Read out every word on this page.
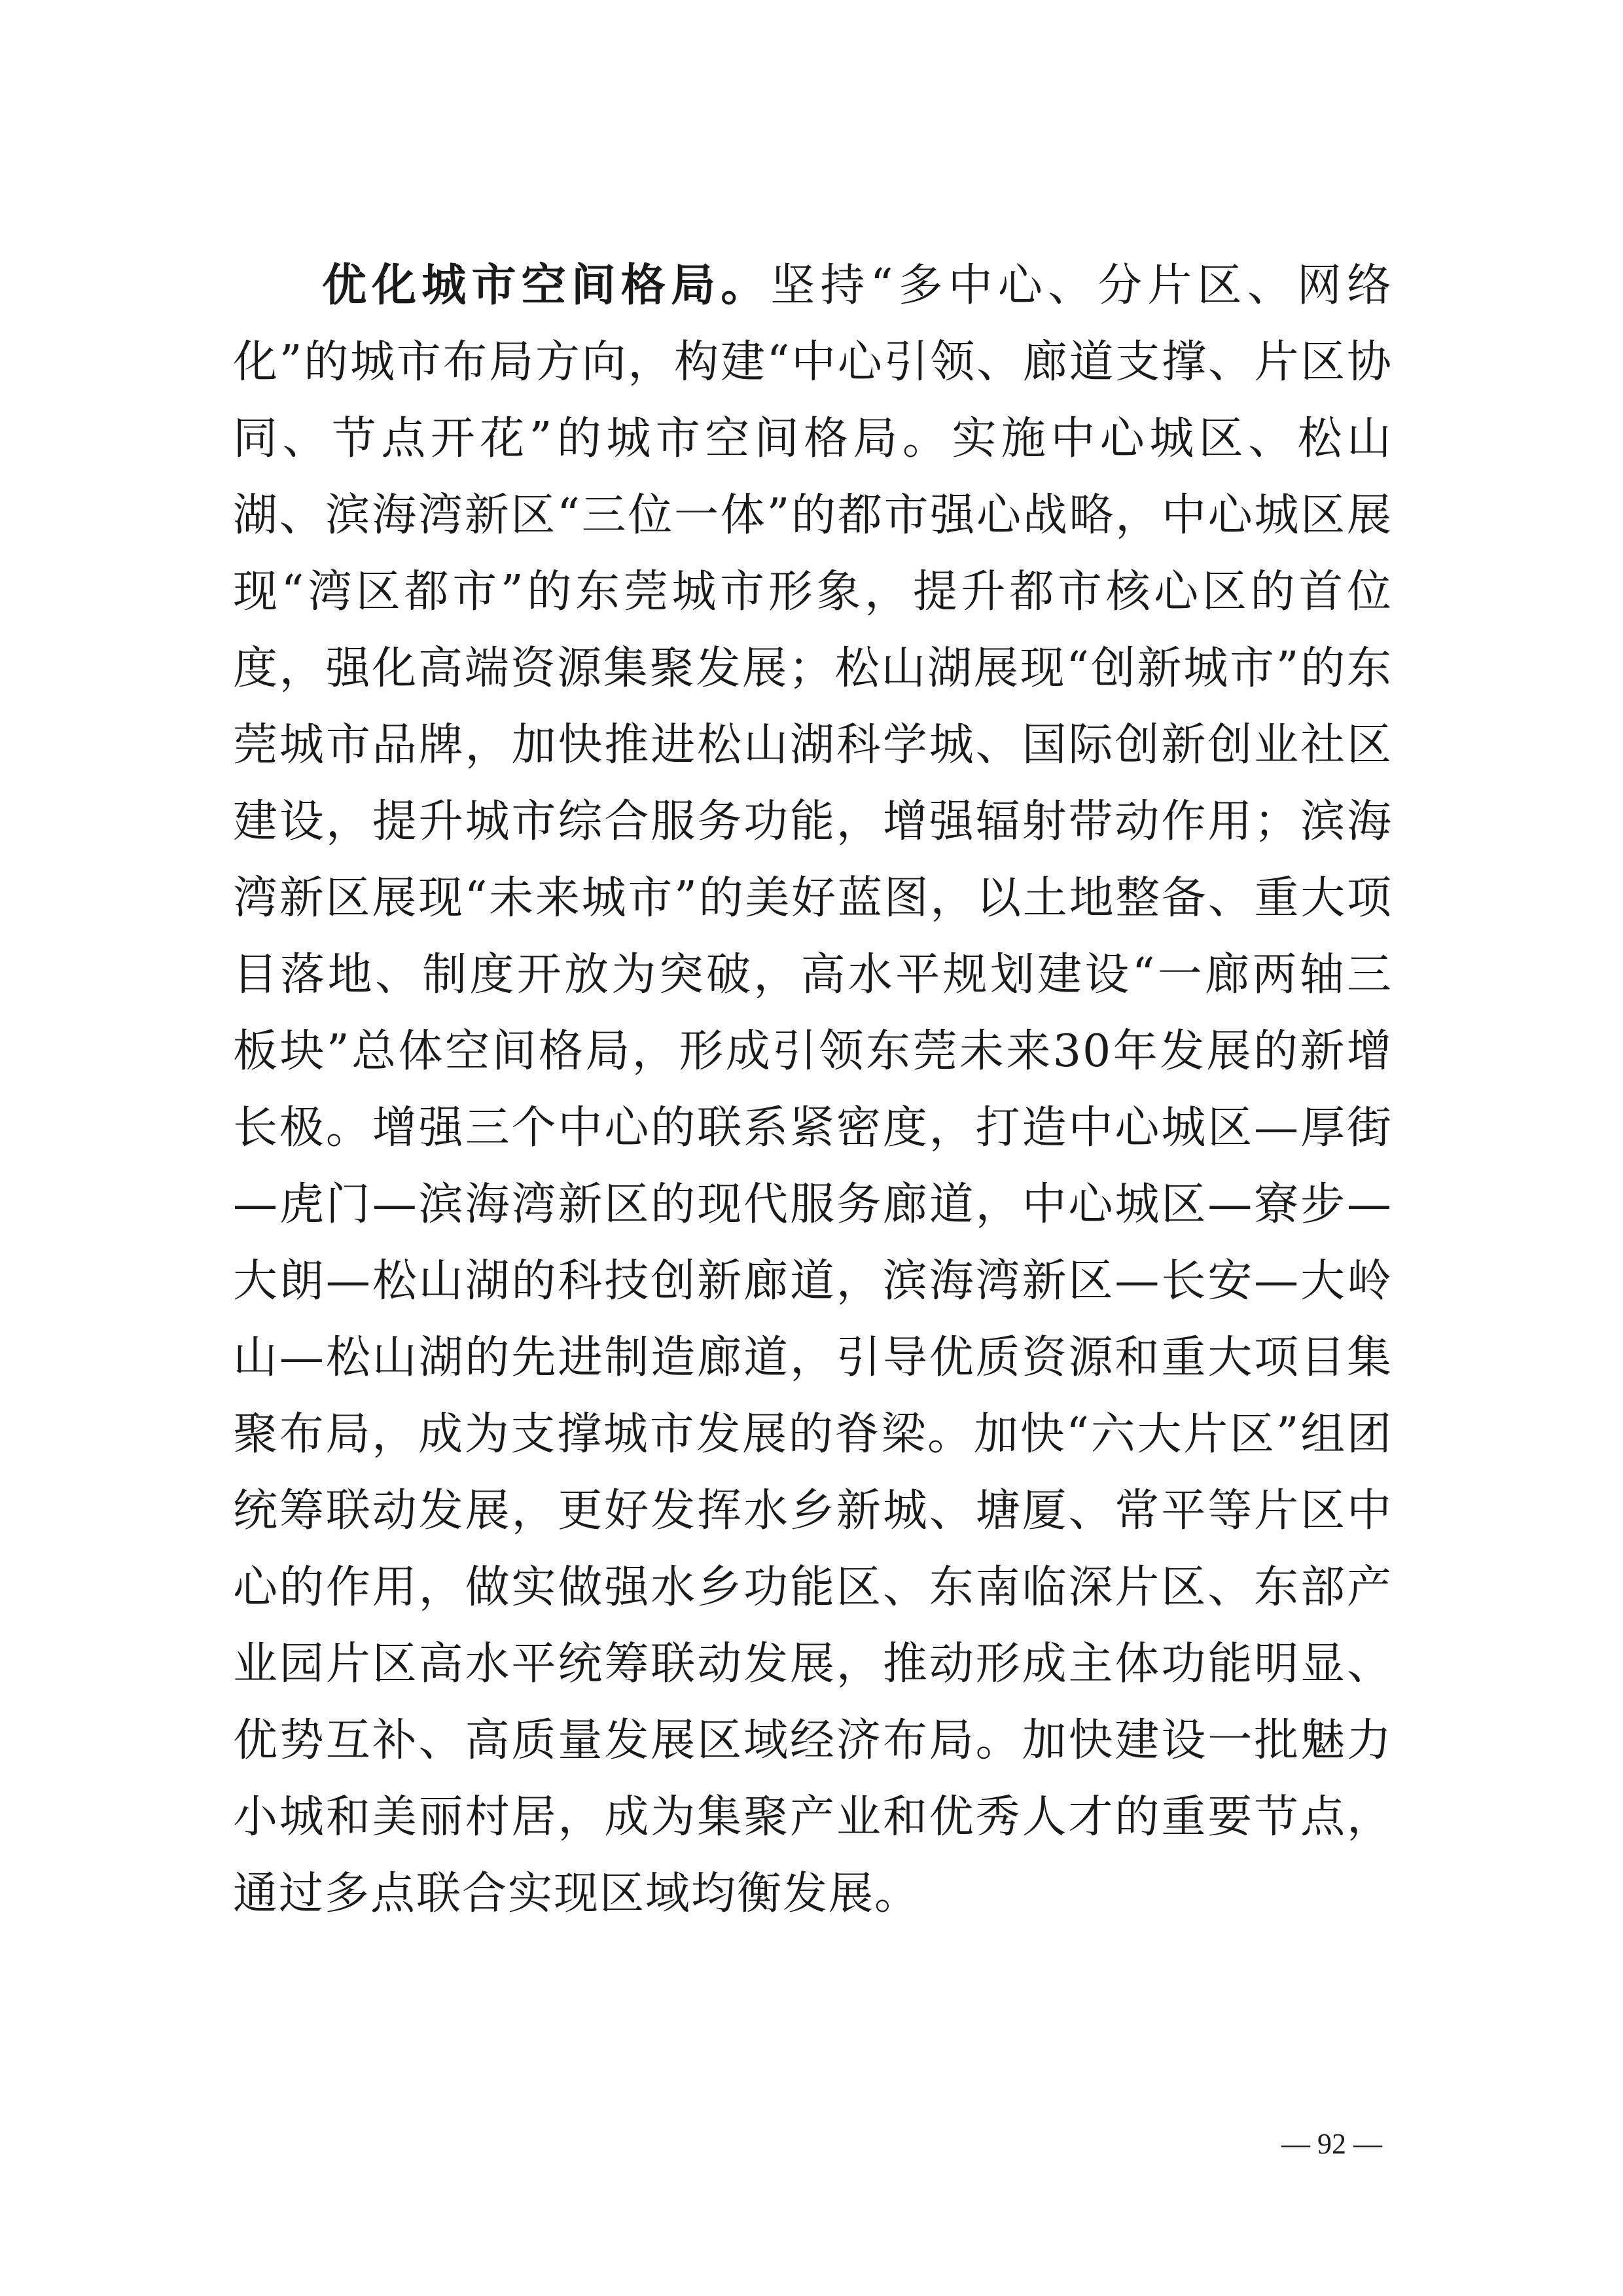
优化城市空间格局。坚持“多中心、分片区、网络化”的城市布局方向，构建“中心引领、廊道支撑、片区协同、节点开花”的城市空间格局。实施中心城区、松山湖、滨海湾新区“三位一体”的都市强心战略，中心城区展现“湾区都市”的东莞城市形象，提升都市核心区的首位度，强化高端资源集聚发展；松山湖展现“创新城市”的东莞城市品牌，加快推进松山湖科学城、国际创新创业社区建设，提升城市综合服务功能，增强辐射带动作用；滨海湾新区展现“未来城市”的美好蓝图，以土地整备、重大项目落地、制度开放为突破，高水平规划建设“一廊两轴三板块”总体空间格局，形成引领东莞未来30年发展的新增长极。增强三个中心的联系紧密度，打造中心城区—厚街—虎门—滨海湾新区的现代服务廊道，中心城区—寮步—大朗—松山湖的科技创新廊道，滨海湾新区—长安—大岭山—松山湖的先进制造廊道，引导优质资源和重大项目集聚布局，成为支撑城市发展的脊梁。加快“六大片区”组团统筹联动发展，更好发挥水乡新城、塘厦、常平等片区中心的作用，做实做强水乡功能区、东南临深片区、东部产业园片区高水平统筹联动发展，推动形成主体功能明显、优势互补、高质量发展区域经济布局。加快建设一批魅力小城和美丽村居，成为集聚产业和优秀人才的重要节点，通过多点联合实现区域均衡发展。

— 92 —
